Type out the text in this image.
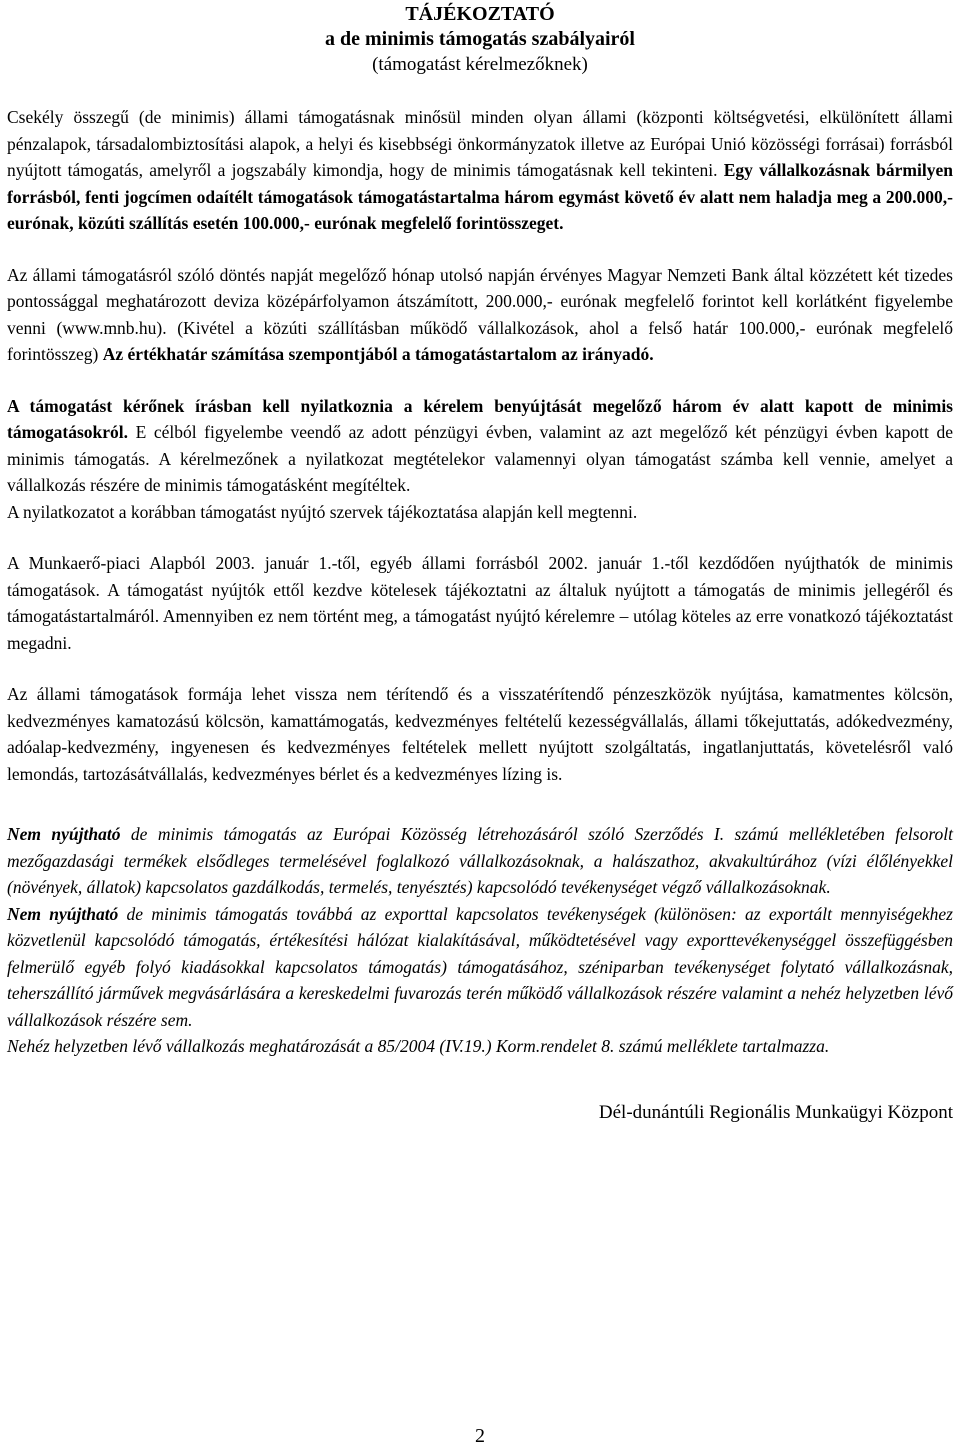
TÁJÉKOZTATÓ
a de minimis támogatás szabályairól
(támogatást kérelmezőknek)

Csekély összegű (de minimis) állami támogatásnak minősül minden olyan állami (központi költségvetési, elkülönített állami pénzalapok, társadalombiztosítási alapok, a helyi és kisebbségi önkormányzatok illetve az Európai Unió közösségi forrásai) forrásból nyújtott támogatás, amelyről a jogszabály kimondja, hogy de minimis támogatásnak kell tekinteni. Egy vállalkozásnak bármilyen forrásból, fenti jogcímen odaítélt támogatások támogatástartalma három egymást követő év alatt nem haladja meg a 200.000,- eurónak, közúti szállítás esetén 100.000,- eurónak megfelelő forintösszeget.

Az állami támogatásról szóló döntés napját megelőző hónap utolsó napján érvényes Magyar Nemzeti Bank által közzétett két tizedes pontossággal meghatározott deviza középárfolyamon átszámított, 200.000,- eurónak megfelelő forintot kell korlátként figyelembe venni (www.mnb.hu). (Kivétel a közúti szállításban működő vállalkozások, ahol a felső határ 100.000,- eurónak megfelelő forintösszeg) Az értékhatár számítása szempontjából a támogatástartalom az irányadó.

A támogatást kérőnek írásban kell nyilatkoznia a kérelem benyújtását megelőző három év alatt kapott de minimis támogatásokról. E célból figyelembe veendő az adott pénzügyi évben, valamint az azt megelőző két pénzügyi évben kapott de minimis támogatás. A kérelmezőnek a nyilatkozat megtételekor valamennyi olyan támogatást számba kell vennie, amelyet a vállalkozás részére de minimis támogatásként megítéltek.

A nyilatkozatot a korábban támogatást nyújtó szervek tájékoztatása alapján kell megtenni.

A Munkaerő-piaci Alapból 2003. január 1.-től, egyéb állami forrásból 2002. január 1.-től kezdődően nyújthatók de minimis támogatások. A támogatást nyújtók ettől kezdve kötelesek tájékoztatni az általuk nyújtott a támogatás de minimis jellegéről és támogatástartalmáról. Amennyiben ez nem történt meg, a támogatást nyújtó kérelemre – utólag köteles az erre vonatkozó tájékoztatást megadni.

Az állami támogatások formája lehet vissza nem térítendő és a visszatérítendő pénzeszközök nyújtása, kamatmentes kölcsön, kedvezményes kamatozású kölcsön, kamattámogatás, kedvezményes feltételű kezességvállalás, állami tőkejuttatás, adókedvezmény, adóalap-kedvezmény, ingyenesen és kedvezményes feltételek mellett nyújtott szolgáltatás, ingatlanjuttatás, követelésről való lemondás, tartozásátvállalás, kedvezményes bérlet és a kedvezményes lízing is.

Nem nyújtható de minimis támogatás az Európai Közösség létrehozásáról szóló Szerződés I. számú mellékletében felsorolt mezőgazdasági termékek elsődleges termelésével foglalkozó vállalkozásoknak, a halászathoz, akvakultúrához (vízi élőlényekkel (növények, állatok) kapcsolatos gazdálkodás, termelés, tenyésztés) kapcsolódó tevékenységet végző vállalkozásoknak.

Nem nyújtható de minimis támogatás továbbá az exporttal kapcsolatos tevékenységek (különösen: az exportált mennyiségekhez közvetlenül kapcsolódó támogatás, értékesítési hálózat kialakításával, működtetésével vagy exporttevékenységgel összefüggésben felmerülő egyéb folyó kiadásokkal kapcsolatos támogatás) támogatásához, széniparban tevékenységet folytató vállalkozásnak, teherszállító járművek megvásárlására a kereskedelmi fuvarozás terén működő vállalkozások részére valamint a nehéz helyzetben lévő vállalkozások részére sem.

Nehéz helyzetben lévő vállalkozás meghatározását a 85/2004 (IV.19.) Korm.rendelet 8. számú melléklete tartalmazza.

Dél-dunántúli Regionális Munkaügyi Központ
2
